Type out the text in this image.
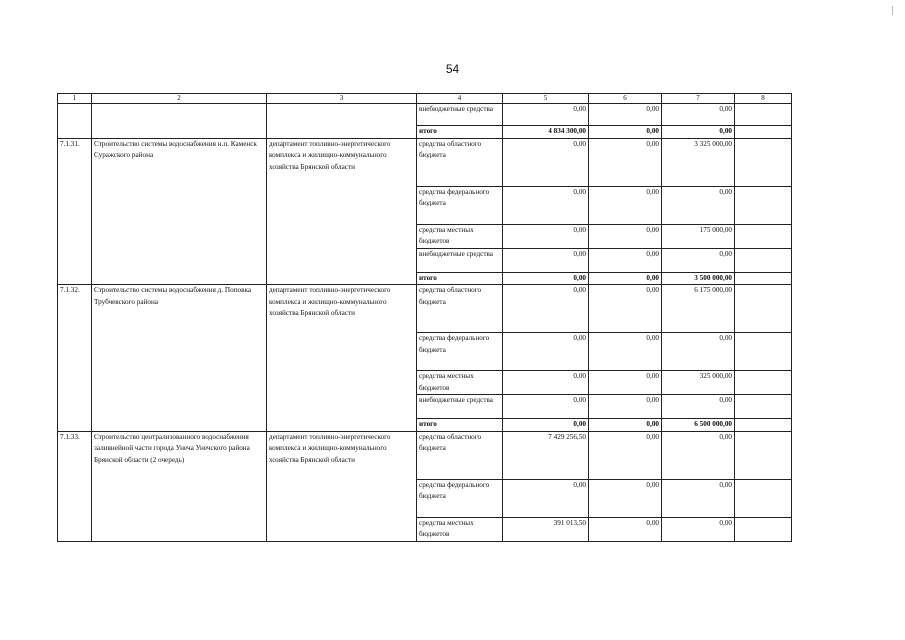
54
1	2	3	4	5	6	7	8
			внебюджетные средства	0,00	0,00	0,00	
			итого	4 834 300,00	0,00	0,00	
7.1.31.	Строительство системы водоснабжения н.п. Каменск Суражского района	департамент топливно-энергетического комплекса и жилищно-коммунального хозяйства Брянской области	средства областного бюджета	0,00	0,00	3 325 000,00	
			средства федерального бюджета	0,00	0,00	0,00	
			средства местных бюджетов	0,00	0,00	175 000,00	
			внебюджетные средства	0,00	0,00	0,00	
			итого	0,00	0,00	3 500 000,00	
7.1.32.	Строительство системы водоснабжения д. Поповка Трубчевского района	департамент топливно-энергетического комплекса и жилищно-коммунального хозяйства Брянской области	средства областного бюджета	0,00	0,00	6 175 000,00	
			средства федерального бюджета	0,00	0,00	0,00	
			средства местных бюджетов	0,00	0,00	325 000,00	
			внебюджетные средства	0,00	0,00	0,00	
			итого	0,00	0,00	6 500 000,00	
7.1.33.	Строительство централизованного водоснабжения заливнейной части города Унеча Унечского района Брянской области (2 очередь)	департамент топливно-энергетического комплекса и жилищно-коммунального хозяйства Брянской области	средства областного бюджета	7 429 256,50	0,00	0,00	
			средства федерального бюджета	0,00	0,00	0,00	
			средства местных бюджетов	391 013,50	0,00	0,00	
